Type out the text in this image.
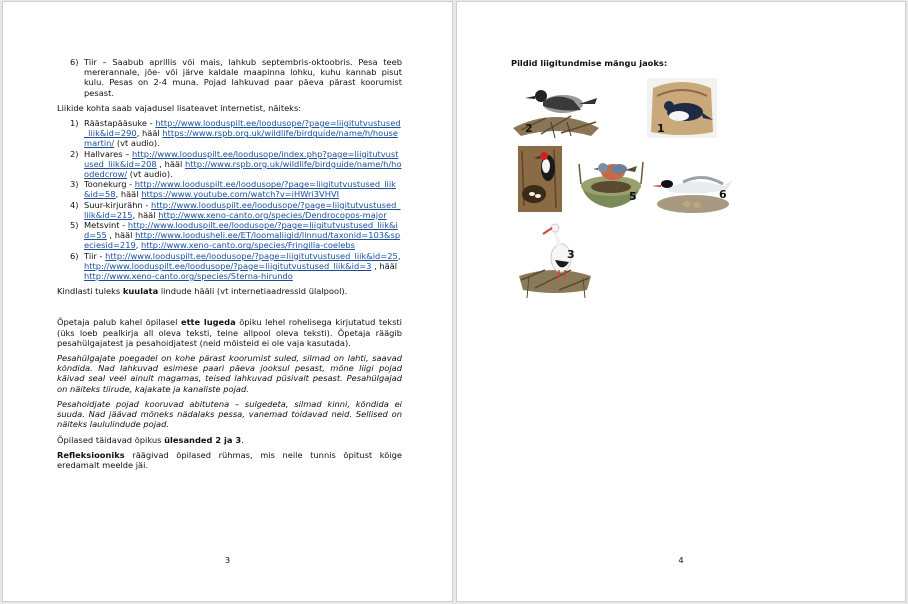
6) Tiir – Saabub aprillis või mais, lahkub septembris-oktoobris. Pesa teeb mererannale, jõe- või järve kaldale maapinna lohku, kuhu kannab pisut kulu. Pesas on 2-4 muna. Pojad lahkuvad paar päeva pärast koorumist pesast.
Liikide kohta saab vajadusel lisateavet internetist, näiteks:
1) Räästapääsuke - http://www.looduspilt.ee/loodusope/?page=liigitutvustused_liik&id=290, hääl https://www.rspb.org.uk/wildlife/birdguide/name/h/housemartin/ (vt audio).
2) Hallvares – http://www.looduspilt.ee/loodusope/index.php?page=liigitutvustused_liik&id=208 , hääl http://www.rspb.org.uk/wildlife/birdguide/name/h/hoodedcrow/ (vt audio).
3) Toonekurg - http://www.looduspilt.ee/loodusope/?page=liigitutvustused_liik&id=58, hääl https://www.youtube.com/watch?v=iHWri3VHVI
4) Suur-kirjurähn - http://www.looduspilt.ee/loodusope/?page=liigitutvustused_liik&id=215, hääl http://www.xeno-canto.org/species/Dendrocopos-major
5) Metsvint - http://www.looduspilt.ee/loodusope/?page=liigitutvustused_liik&id=55 , hääl http://www.loodusheli.ee/ET/loomaliigid/linnud/taxonid=103&speciesid=219, http://www.xeno-canto.org/species/Fringilla-coelebs
6) Tiir - http://www.looduspilt.ee/loodusope/?page=liigitutvustused_liik&id=25, http://www.looduspilt.ee/loodusope/?page=liigitutvustused_liik&id=3 , hääl http://www.xeno-canto.org/species/Sterna-hirundo
Kindlasti tuleks kuulata lindude hääli (vt internetiaadressid ülalpool).
Õpetaja palub kahel õpilasel ette lugeda õpiku lehel rohelisega kirjutatud teksti (üks loeb pealkirja all oleva teksti, teine allpool oleva teksti). Õpetaja räägib pesahülgajatest ja pesahoidjatest (neid mõisteid ei ole vaja kasutada).
Pesahülgajate poegadel on kohe pärast koorumist suled, silmad on lahti, saavad kõndida. Nad lahkuvad esimese paari päeva jooksul pesast, mõne liigi pojad käivad seal veel ainult magamas, teised lahkuvad püsivalt pesast. Pesahülgajad on näiteks tiirude, kajakate ja kanaliste pojad.
Pesahoidjate pojad kooruvad abitutena – sulgedeta, silmad kinni, kõndida ei suuda. Nad jäävad mõneks nädalaks pessa, vanemad toidavad neid. Sellised on näiteks laululindude pojad.
Õpilased täidavad õpikus ülesanded 2 ja 3.
Refleksiooniks räägivad õpilased rühmas, mis neile tunnis õpitust kõige eredamalt meelde jäi.
3
Pildid liigitundmise mängu jaoks:
2	1
5	6
3
4
